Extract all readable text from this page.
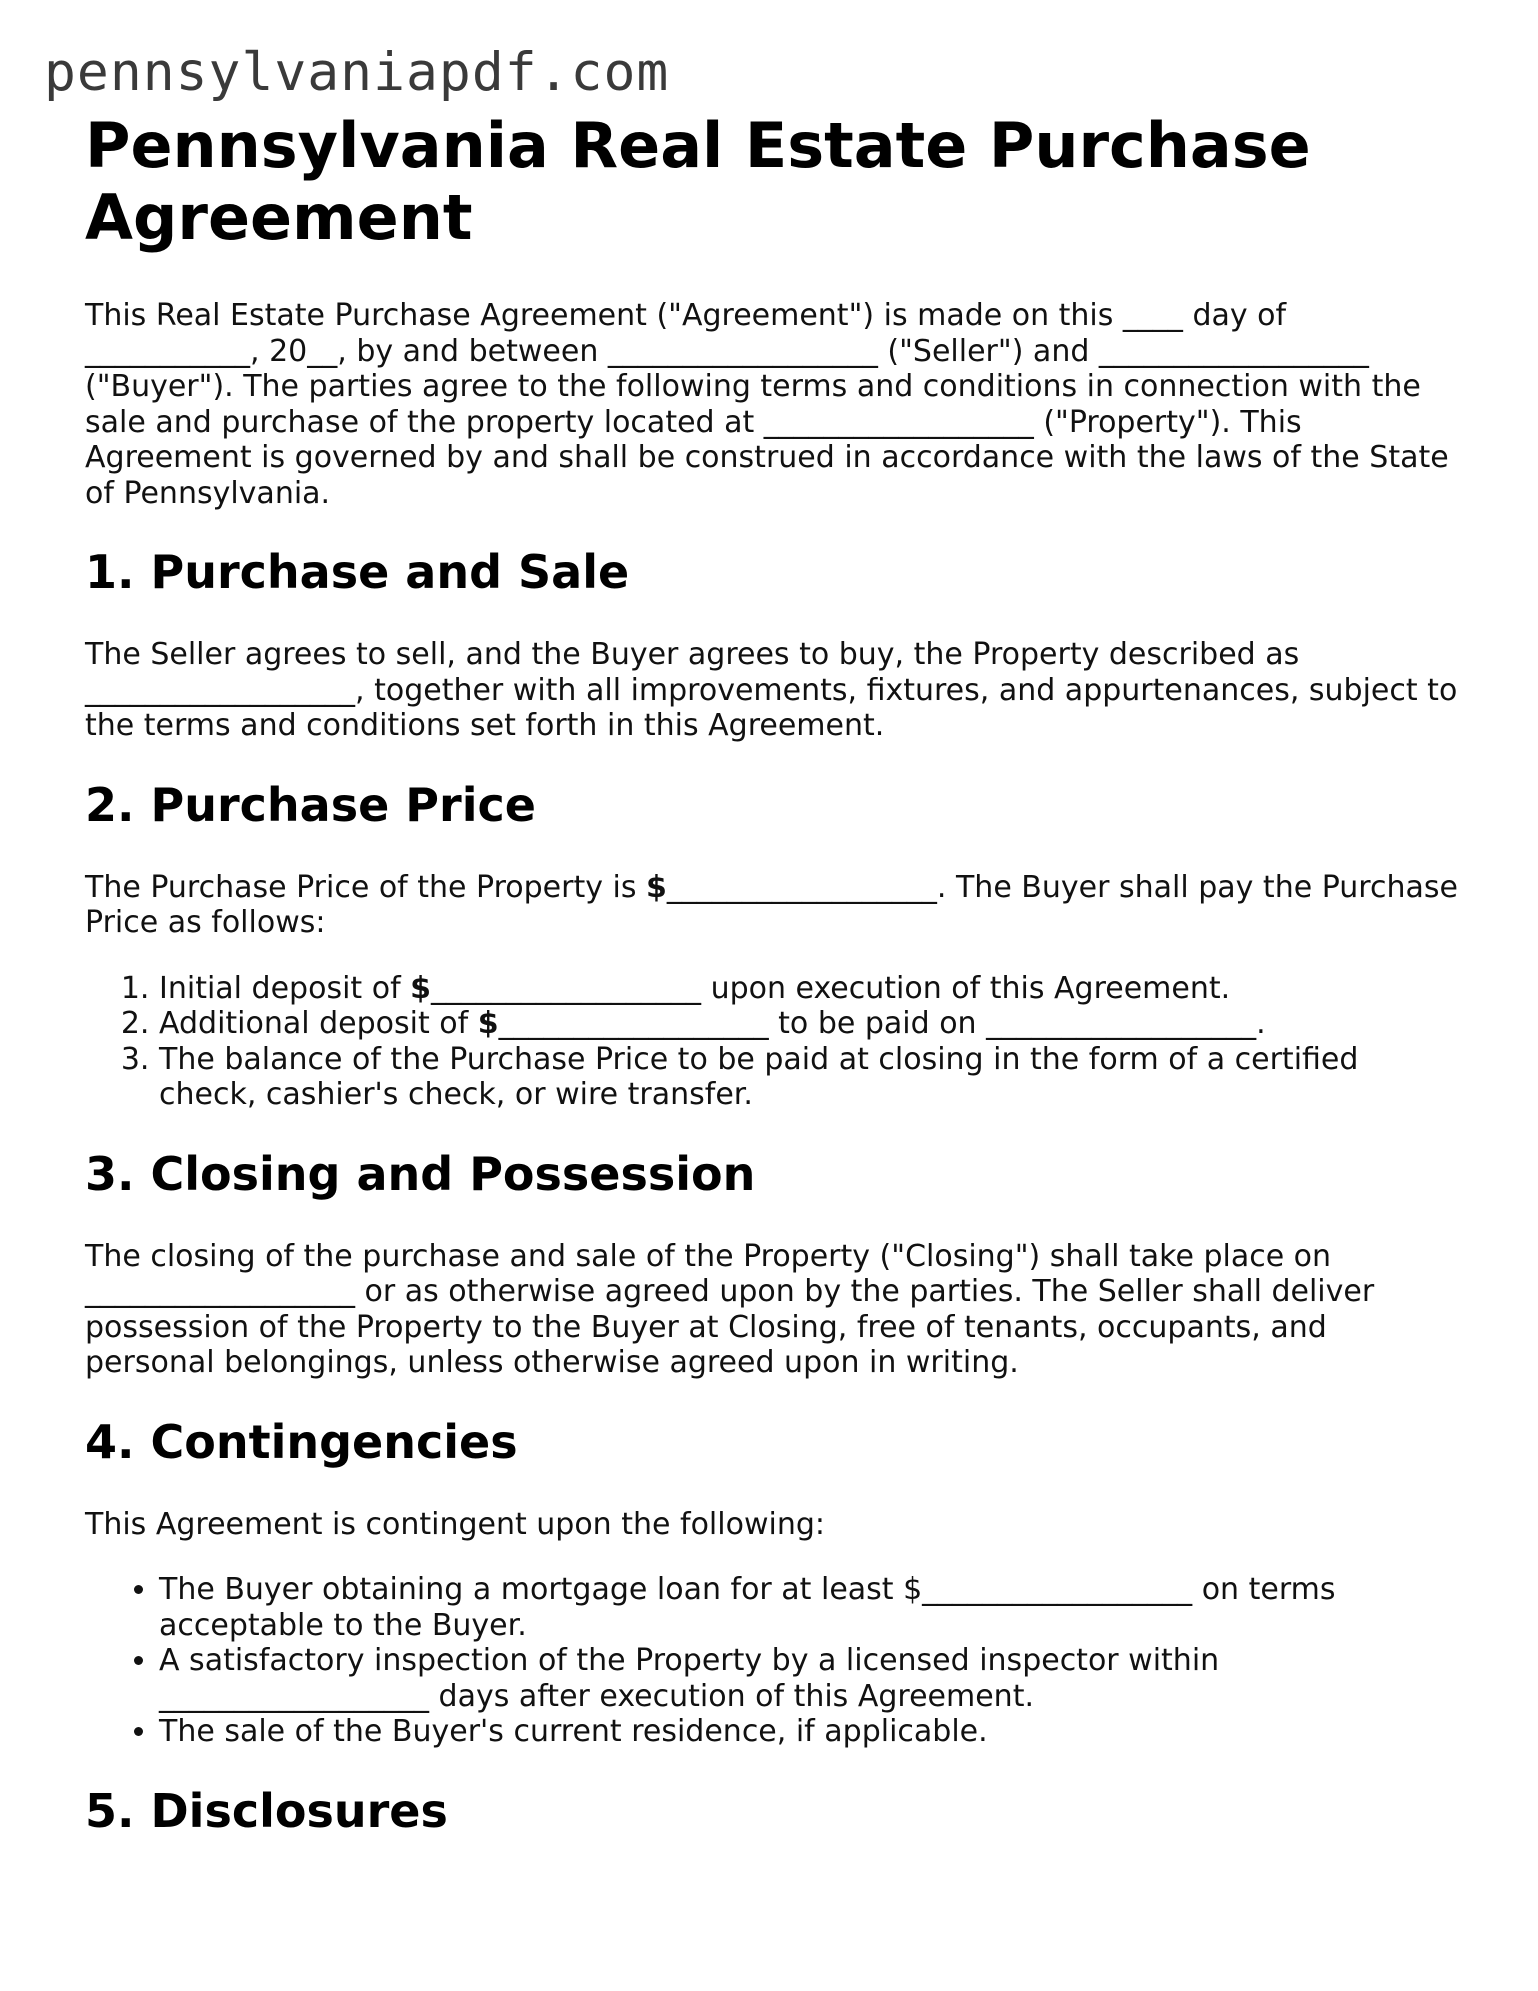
pennsylvaniapdf.com
Pennsylvania Real Estate Purchase Agreement

This Real Estate Purchase Agreement ("Agreement") is made on this ____ day of ___________, 20__, by and between __________________ ("Seller") and __________________ ("Buyer"). The parties agree to the following terms and conditions in connection with the sale and purchase of the property located at __________________ ("Property"). This Agreement is governed by and shall be construed in accordance with the laws of the State of Pennsylvania.

1. Purchase and Sale

The Seller agrees to sell, and the Buyer agrees to buy, the Property described as __________________, together with all improvements, fixtures, and appurtenances, subject to the terms and conditions set forth in this Agreement.

2. Purchase Price

The Purchase Price of the Property is $__________________. The Buyer shall pay the Purchase Price as follows:

1. Initial deposit of $__________________ upon execution of this Agreement.
2. Additional deposit of $__________________ to be paid on __________________.
3. The balance of the Purchase Price to be paid at closing in the form of a certified check, cashier's check, or wire transfer.
3. Closing and Possession

The closing of the purchase and sale of the Property ("Closing") shall take place on __________________ or as otherwise agreed upon by the parties. The Seller shall deliver possession of the Property to the Buyer at Closing, free of tenants, occupants, and personal belongings, unless otherwise agreed upon in writing.

4. Contingencies

This Agreement is contingent upon the following:

• The Buyer obtaining a mortgage loan for at least $__________________ on terms acceptable to the Buyer.
• A satisfactory inspection of the Property by a licensed inspector within __________________ days after execution of this Agreement.
• The sale of the Buyer's current residence, if applicable.
5. Disclosures
